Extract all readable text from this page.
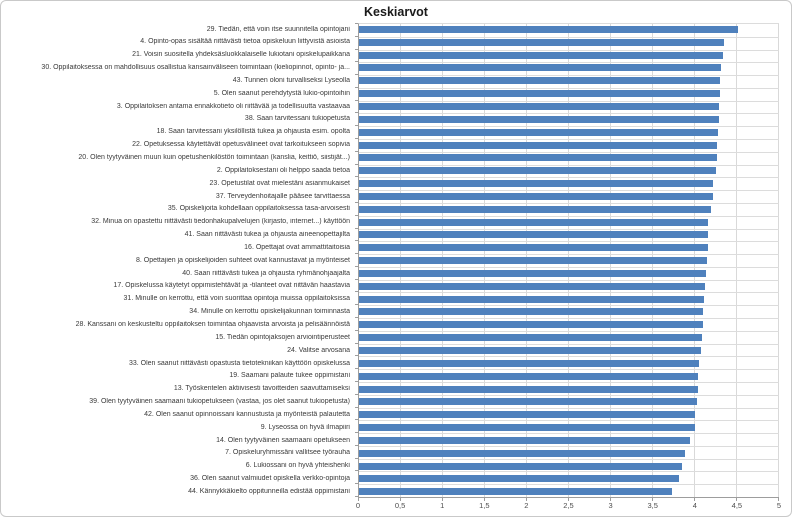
Keskiarvot
29. Tiedän, että voin itse suunnitella opintojani
4. Opinto-opas sisältää riittävästi tietoa opiskeluun liittyvistä asioista
21. Voisin suositella yhdeksäsluokkalaiselle lukiotani opiskelupaikkana
30. Oppilaitoksessa on mahdollisuus osallistua kansainväliseen toimintaan (kieliopinnot, opinto- ja...
43. Tunnen oloni turvalliseksi Lyseolla
5. Olen saanut perehdytystä lukio-opintoihin
3. Oppilaitoksen antama ennakkotieto oli riittävää ja todellisuutta vastaavaa
38. Saan tarvitessani tukiopetusta
18. Saan tarvitessani yksilöllistä tukea ja ohjausta esim. opolta
22. Opetuksessa käytettävät opetusvälineet ovat tarkoitukseen sopivia
20. Olen tyytyväinen muun kuin opetushenkilöstön toimintaan (kanslia, keittiö, siistijät...)
2. Oppilaitoksestani oli helppo saada tietoa
23. Opetustilat ovat mielestäni asianmukaiset
37. Terveydenhoitajalle pääsee tarvittaessa
35. Opiskelijoita kohdellaan oppilaitoksessa tasa-arvoisesti
32. Minua on opastettu riittävästi tiedonhakupalvelujen (kirjasto, internet...) käyttöön
41. Saan riittävästi tukea ja ohjausta aineenopettajilta
16. Opettajat ovat ammattitaitoisia
8. Opettajien ja opiskelijoiden suhteet ovat kannustavat ja myönteiset
40. Saan riittävästi tukea ja ohjausta ryhmänohjaajalta
17. Opiskelussa käytetyt oppimistehtävät ja -tilanteet ovat riittävän haastavia
31. Minulle on kerrottu, että voin suorittaa opintoja muissa oppilaitoksissa
34. Minulle on kerrottu opiskelijakunnan toiminnasta
28. Kanssani on keskusteltu oppilaitoksen toimintaa ohjaavista arvoista ja pelisäännöistä
15. Tiedän opintojaksojen arviointiperusteet
24. Valitse arvosana
33. Olen saanut riittävästi opastusta tietotekniikan käyttöön opiskelussa
19. Saamani palaute tukee oppimistani
13. Työskentelen aktiivisesti tavoitteiden saavuttamiseksi
39. Olen tyytyväinen saamaani tukiopetukseen (vastaa, jos olet saanut tukiopetusta)
42. Olen saanut opinnoissani kannustusta ja myönteistä palautetta
9. Lyseossa on hyvä ilmapiiri
14. Olen tyytyväinen saamaani opetukseen
7. Opiskeluryhmissäni vallitsee työrauha
6. Lukiossani on hyvä yhteishenki
36. Olen saanut valmiudet opiskella verkko-opintoja
44. Kännykkäkielto oppitunneilla edistää oppimistani
0	0,5	1	1,5	2	2,5	3	3,5	4	4,5	5
